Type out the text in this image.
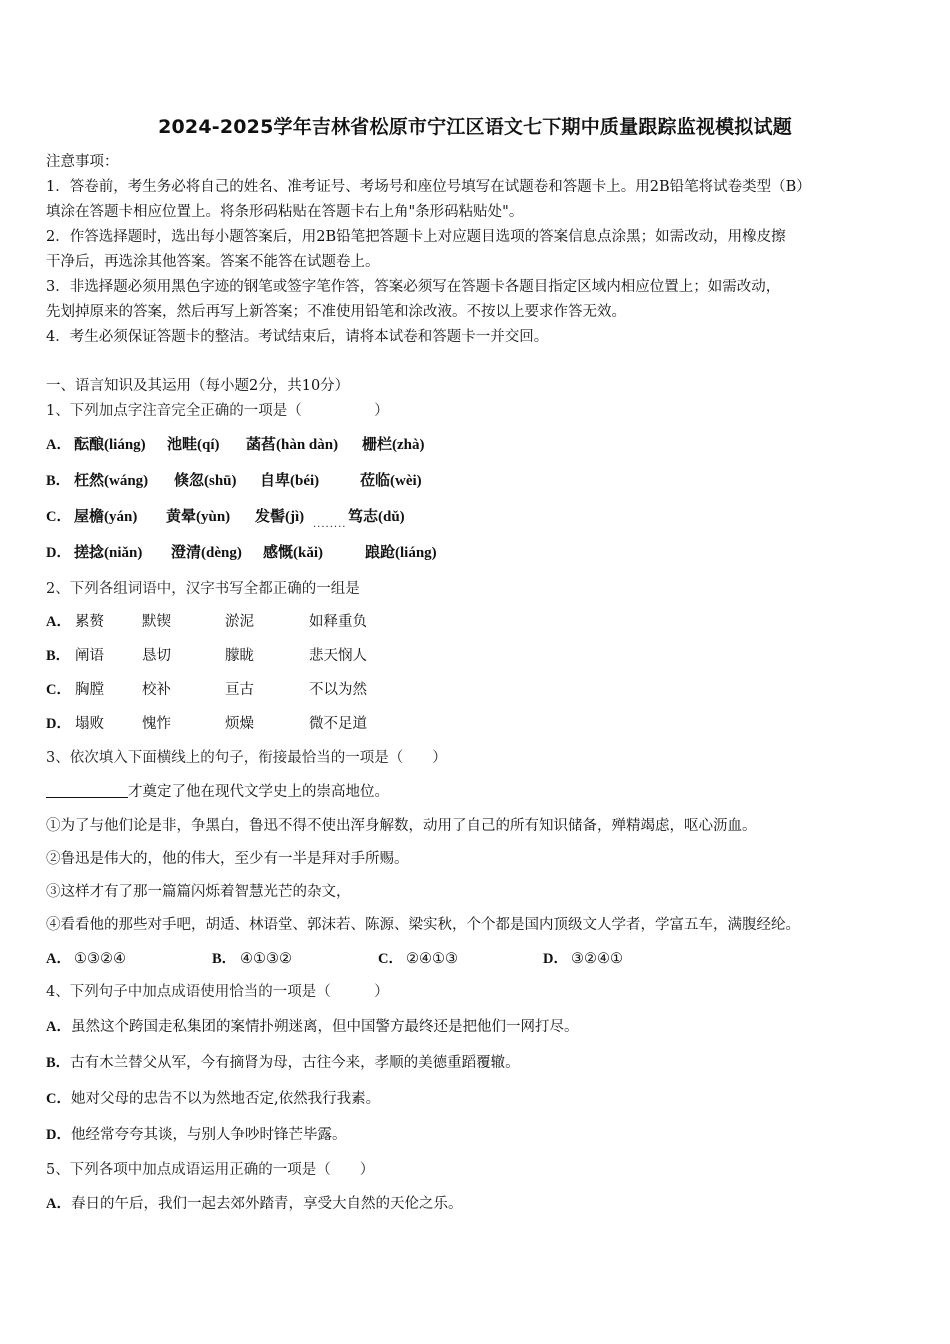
2024-2025学年吉林省松原市宁江区语文七下期中质量跟踪监视模拟试题
注意事项：
1．答卷前，考生务必将自己的姓名、准考证号、考场号和座位号填写在试题卷和答题卡上。用2B铅笔将试卷类型（B）
填涂在答题卡相应位置上。将条形码粘贴在答题卡右上角"条形码粘贴处"。
2．作答选择题时，选出每小题答案后，用2B铅笔把答题卡上对应题目选项的答案信息点涂黑；如需改动，用橡皮擦
干净后，再选涂其他答案。答案不能答在试题卷上。
3．非选择题必须用黑色字迹的钢笔或签字笔作答，答案必须写在答题卡各题目指定区域内相应位置上；如需改动，
先划掉原来的答案，然后再写上新答案；不准使用铅笔和涂改液。不按以上要求作答无效。
4．考生必须保证答题卡的整洁。考试结束后，请将本试卷和答题卡一并交回。
一、语言知识及其运用（每小题2分，共10分）
1、下列加点字注音完全正确的一项是（　　　　　）
A． 酝酿(liáng) 池畦(qí) 菡萏(hàn dàn) 栅栏(zhà)
B． 枉然(wáng) 倏忽(shū) 自卑(béi)	莅临(wèi)
C． 屋檐(yán) 黄晕(yùn) 发髻(jì) ........ 笃志(dǔ)
D． 搓捻(niǎn) 澄清(dèng) 感慨(kǎi)	踉跄(liáng)
2、下列各组词语中，汉字书写全都正确的一组是
A． 累赘	默锲	淤泥	如释重负
B． 阐语	恳切	朦眬	悲天悯人
C． 胸膛	校补	亘古	不以为然
D． 塌败	愧怍	烦燥	微不足道
3、依次填入下面横线上的句子，衔接最恰当的一项是（　　）
才奠定了他在现代文学史上的崇高地位。
①为了与他们论是非，争黑白，鲁迅不得不使出浑身解数，动用了自己的所有知识储备，殚精竭虑，呕心沥血。
②鲁迅是伟大的，他的伟大，至少有一半是拜对手所赐。
③这样才有了那一篇篇闪烁着智慧光芒的杂文，
④看看他的那些对手吧，胡适、林语堂、郭沫若、陈源、梁实秋，个个都是国内顶级文人学者，学富五车，满腹经纶。
A． ①③②④	B． ④①③②	C． ②④①③	D． ③②④①
4、下列句子中加点成语使用恰当的一项是（　　　）
A．虽然这个跨国走私集团的案情扑朔迷离，但中国警方最终还是把他们一网打尽。
B．古有木兰替父从军，今有摘肾为母，古往今来，孝顺的美德重蹈覆辙。
C．她对父母的忠告不以为然地否定,依然我行我素。
D．他经常夸夸其谈，与别人争吵时锋芒毕露。
5、下列各项中加点成语运用正确的一项是（　　）
A．春日的午后，我们一起去郊外踏青，享受大自然的天伦之乐。
